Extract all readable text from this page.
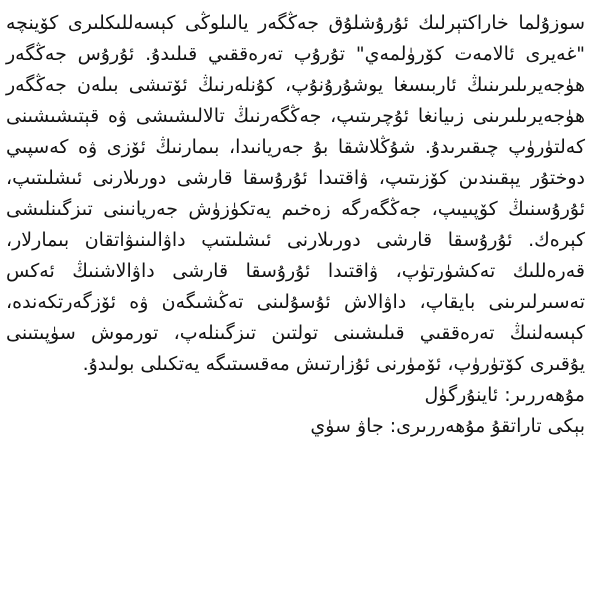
سوزۇلما خاراكتېرلىك ئۇرۇشلۇق جەڭگەر يالىلوڭى كېسەللىكلىرى كۆينچە "غەيرى ئالامەت كۆرۈلمەي" تۇرۇپ تەرەققىي قىلىدۇ. ئۇرۇس جەڭگەر ھۈجەيرىلىرىنىڭ ئاربىسغا يوشۇرۇنۇپ، كۇنلەرنىڭ ئۆتىشى بىلەن جەڭگەر ھۈجەيرىلىرىنى زىيانغا ئۇچرىتىپ، جەڭگەرنىڭ تالالىشىشى ۋە قېتىشىشىنى كەلتۈرۈپ چىقىرىدۇ. شۇڭلاشقا بۇ جەريانىدا، بىمارنىڭ ئۆزى ۋە كەسپىي دوختۇر يېقىندىن كۆزىتىپ، ۋاقتىدا ئۇرۇسقا قارشى دورىلارنى ئىشلىتىپ، ئۇرۇسنىڭ كۆپىيىپ، جەڭگەرگە زەخىم يەتكۈزۈش جەريانىنى تىزگىنلىشى كېرەك. ئۇرۇسقا قارشى دورىلارنى ئىشلىتىپ داۋالىنىۋاتقان بىمارلار، قەرەللىك تەكشۈرتۈپ، ۋاقتىدا ئۇرۇسقا قارشى داۋالاشنىڭ ئەكس تەسىرلىرىنى بايقاپ، داۋالاش ئۇسۇلىنى تەڭشىگەن ۋە ئۆزگەرتكەندە، كېسەلنىڭ تەرەققىي قىلىشىنى تولتىن تىزگىنلەپ، تورموش سۈپىتىنى يۇقىرى كۆتۈرۈپ، ئۆمۈرنى ئۇزارتىش مەقسىتىگە يەتكىلى بولىدۇ.

مۇھەررىر: ئاينۇرگۈل

بېكى تاراتقۇ مۇھەررىرى: جاۋ سۈي
